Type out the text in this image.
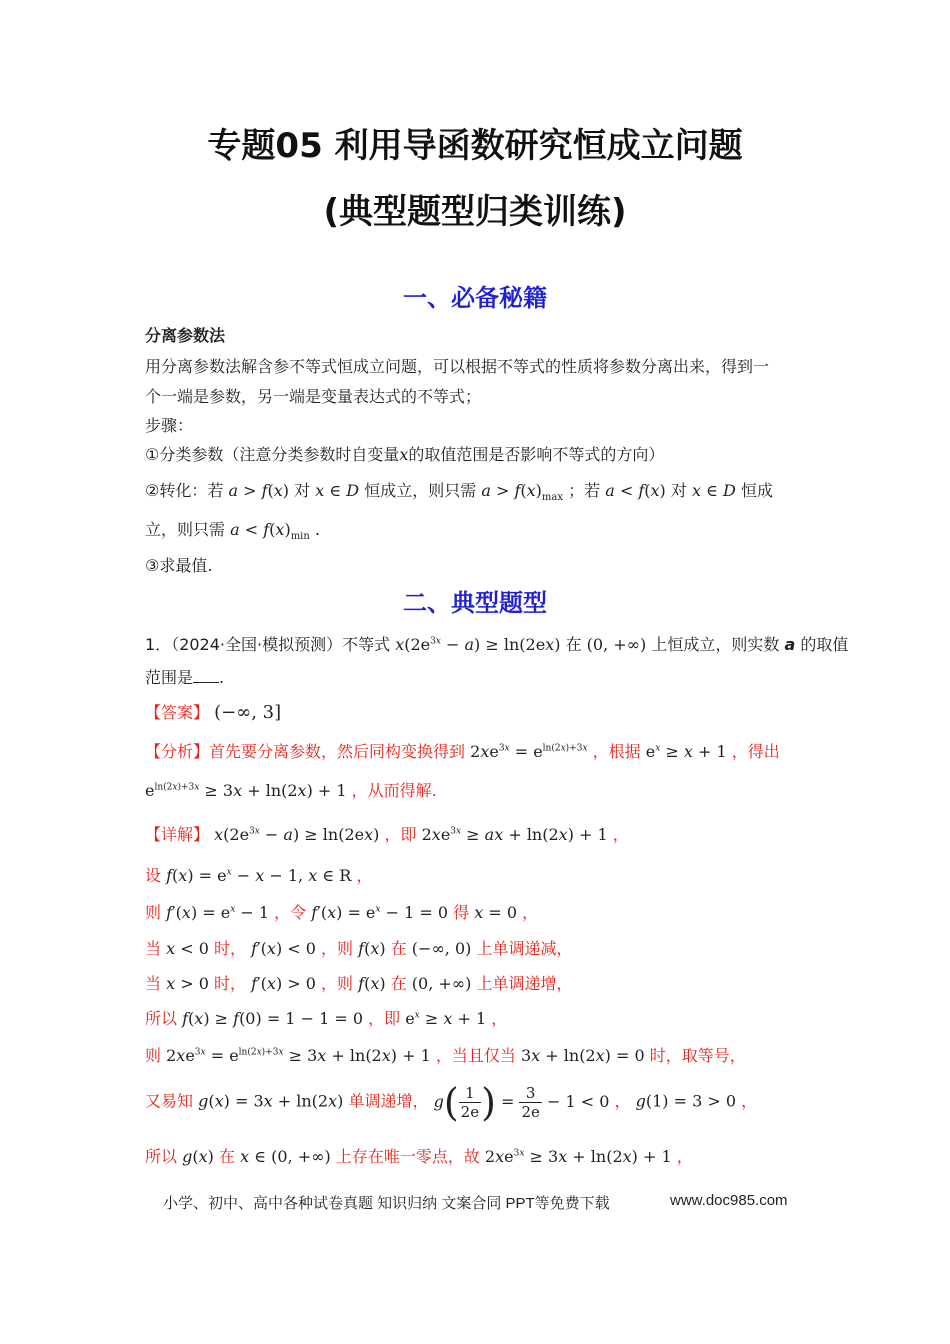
专题05 利用导函数研究恒成立问题
(典型题型归类训练)
一、必备秘籍
分离参数法
用分离参数法解含参不等式恒成立问题，可以根据不等式的性质将参数分离出来，得到一
个一端是参数，另一端是变量表达式的不等式；
步骤：
①分类参数（注意分类参数时自变量x的取值范围是否影响不等式的方向）
②转化：若 a > f(x) 对 x ∈ D 恒成立，则只需 $a > f(x)_{max}$ ；若 a < f(x) 对 x ∈ D 恒成
立，则只需 $a < f(x)_{min}$ .
③求最值.
二、典型题型
1．（2024·全国·模拟预测）不等式 $x(2e^{3x} - a) \ge \ln(2ex)$ 在 (0, +∞) 上恒成立，则实数 a 的取值
范围是 .
【答案】 (−∞, 3]
【分析】首先要分离参数，然后同构变换得到 $2xe^{3x} = e^{ln(2x)+3x}$ ，根据 $e^x \ge x + 1$ ，得出
$e^{ln(2x)+3x} \ge 3x + \ln(2x) + 1$ ，从而得解.
【详解】 $x(2e^{3x} - a) \ge \ln(2ex)$ ，即 $2xe^{3x}$ ≥ ax + ln(2x) + 1 ，
设 $f(x) = e^x - x - 1$, x ∈ R ，
则 $f'(x) = e^x - 1$ ，令 $f'(x) = e^x - 1 = 0$ 得 x = 0 ，
当 x < 0 时， f′(x) < 0 ，则 f(x) 在 (−∞, 0) 上单调递减，
当 x > 0 时， f′(x) > 0 ，则 f(x) 在 (0, +∞) 上单调递增，
所以 f(x) ≥ f(0) = 1 − 1 = 0 ，即 $e^x \ge x + 1$ ，
则 $2xe^{3x} = e^{ln(2x)+3x} \ge 3x + \ln(2x) + 1$ ，当且仅当 3x + ln(2x) = 0 时，取等号，
又易知 g(x) = 3x + ln(2x) 单调递增， $g( \frac{1}{2e}$ ) = $\frac{3}{2e} - 1 < 0$ ， g(1) = 3 > 0 ，
所以 g(x) 在 x ∈ (0, +∞) 上存在唯一零点，故 $2xe^{3x} \ge 3x + \ln(2x) + 1$ ，
小学、初中、高中各种试卷真题 知识归纳 文案合同 PPT等免费下载	www.doc985.com
